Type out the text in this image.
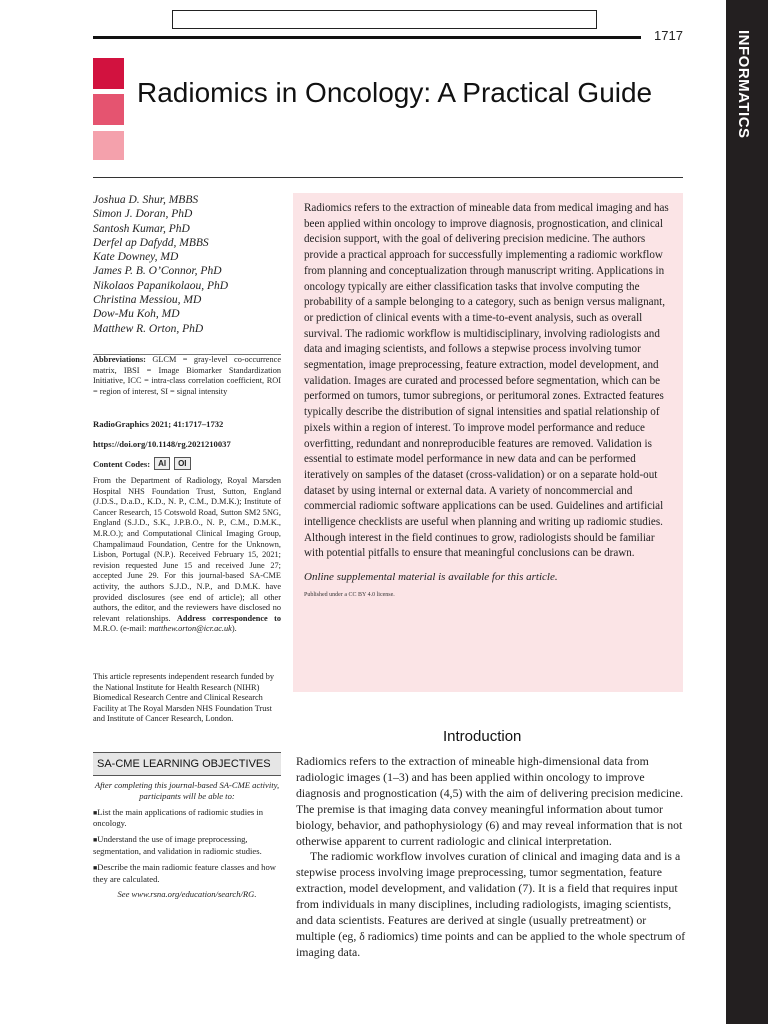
1717	INFORMATICS
Radiomics in Oncology: A Practical Guide
Joshua D. Shur, MBBS
Simon J. Doran, PhD
Santosh Kumar, PhD
Derfel ap Dafydd, MBBS
Kate Downey, MD
James P. B. O’Connor, PhD
Nikolaos Papanikolaou, PhD
Christina Messiou, MD
Dow-Mu Koh, MD
Matthew R. Orton, PhD
Abbreviations: GLCM = gray-level co-occurrence matrix, IBSI = Image Biomarker Standardization Initiative, ICC = intra-class correlation coefficient, ROI = region of interest, SI = signal intensity
RadioGraphics 2021; 41:1717–1732
https://doi.org/10.1148/rg.2021210037
Content Codes:	AI	OI
From the Department of Radiology, Royal Marsden Hospital NHS Foundation Trust, Sutton, England (J.D.S., D.a.D., K.D., N. P., C.M., D.M.K.); Institute of Cancer Research, 15 Cotswold Road, Sutton SM2 5NG, England (S.J.D., S.K., J.P.B.O., N. P., C.M., D.M.K., M.R.O.); and Computational Clinical Imaging Group, Champalimaud Foundation, Centre for the Unknown, Lisbon, Portugal (N.P.). Received February 15, 2021; revision requested June 15 and received June 27; accepted June 29. For this journal-based SA-CME activity, the authors S.J.D., N.P., and D.M.K. have provided disclosures (see end of article); all other authors, the editor, and the reviewers have disclosed no relevant relationships. Address correspondence to M.R.O. (e-mail: matthew.orton@icr.ac.uk).
This article represents independent research funded by the National Institute for Health Research (NIHR) Biomedical Research Centre and Clinical Research Facility at The Royal Marsden NHS Foundation Trust and Institute of Cancer Research, London.
SA-CME LEARNING OBJECTIVES
After completing this journal-based SA-CME activity, participants will be able to:
■List the main applications of radiomic studies in oncology.
■Understand the use of image preprocessing, segmentation, and validation in radiomic studies.
■Describe the main radiomic feature classes and how they are calculated.
See www.rsna.org/education/search/RG.

Radiomics refers to the extraction of mineable data from medical imaging and has been applied within oncology to improve diagnosis, prognostication, and clinical decision support, with the goal of delivering precision medicine. The authors provide a practical approach for successfully implementing a radiomic workflow from planning and conceptualization through manuscript writing. Applications in oncology typically are either classification tasks that involve computing the probability of a sample belonging to a category, such as benign versus malignant, or prediction of clinical events with a time-to-event analysis, such as overall survival. The radiomic workflow is multidisciplinary, involving radiologists and data and imaging scientists, and follows a stepwise process involving tumor segmentation, image preprocessing, feature extraction, model development, and validation. Images are curated and processed before segmentation, which can be performed on tumors, tumor subregions, or peritumoral zones. Extracted features typically describe the distribution of signal intensities and spatial relationship of pixels within a region of interest. To improve model performance and reduce overfitting, redundant and nonreproducible features are removed. Validation is essential to estimate model performance in new data and can be performed iteratively on samples of the dataset (cross-validation) or on a separate hold-out dataset by using internal or external data. A variety of noncommercial and commercial radiomic software applications can be used. Guidelines and artificial intelligence checklists are useful when planning and writing up radiomic studies. Although interest in the field continues to grow, radiologists should be familiar with potential pitfalls to ensure that meaningful conclusions can be drawn.

Online supplemental material is available for this article.

Published under a CC BY 4.0 license.

Introduction

Radiomics refers to the extraction of mineable high-dimensional data from radiologic images (1–3) and has been applied within oncology to improve diagnosis and prognostication (4,5) with the aim of delivering precision medicine. The premise is that imaging data convey meaningful information about tumor biology, behavior, and pathophysiology (6) and may reveal information that is not otherwise apparent to current radiologic and clinical interpretation.

The radiomic workflow involves curation of clinical and imaging data and is a stepwise process involving image preprocessing, tumor segmentation, feature extraction, model development, and validation (7). It is a field that requires input from individuals in many disciplines, including radiologists, imaging scientists, and data scientists. Features are derived at single (usually pretreatment) or multiple (eg, δ radiomics) time points and can be applied to the whole spectrum of imaging data.
